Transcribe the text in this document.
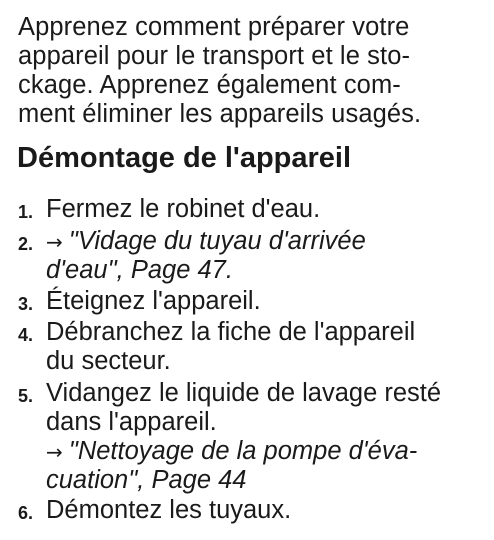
Apprenez comment préparer votre
appareil pour le transport et le sto-
ckage. Apprenez également com-
ment éliminer les appareils usagés.
Démontage de l'appareil
1. Fermez le robinet d'eau.
2. → "Vidage du tuyau d'arrivée
d'eau", Page 47.
3. Éteignez l'appareil.
4. Débranchez la fiche de l'appareil
du secteur.
5. Vidangez le liquide de lavage resté
dans l'appareil.
→ "Nettoyage de la pompe d'éva-
cuation", Page 44
6. Démontez les tuyaux.
